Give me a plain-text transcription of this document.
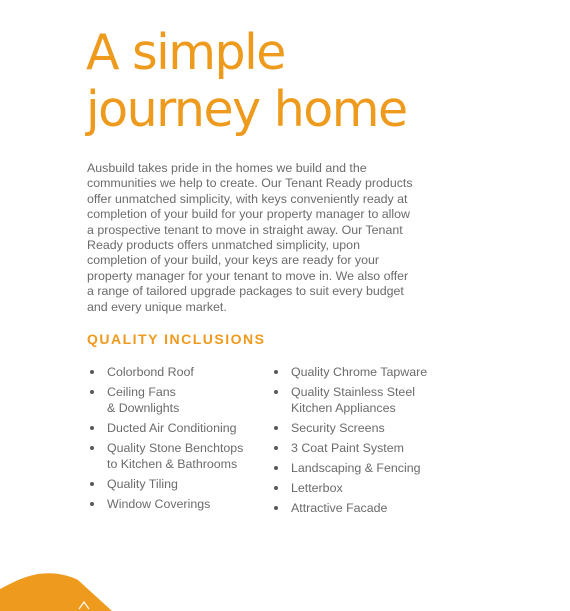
A simple
journey home

Ausbuild takes pride in the homes we build and the communities we help to create. Our Tenant Ready products offer unmatched simplicity, with keys conveniently ready at completion of your build for your property manager to allow a prospective tenant to move in straight away. Our Tenant Ready products offers unmatched simplicity, upon completion of your build, your keys are ready for your property manager for your tenant to move in. We also offer a range of tailored upgrade packages to suit every budget and every unique market.

QUALITY INCLUSIONS
Colorbond Roof
Ceiling Fans
& Downlights
Ducted Air Conditioning
Quality Stone Benchtops
to Kitchen & Bathrooms
Quality Tiling
Window Coverings
Quality Chrome Tapware
Quality Stainless Steel
Kitchen Appliances
Security Screens
3 Coat Paint System
Landscaping & Fencing
Letterbox
Attractive Facade
